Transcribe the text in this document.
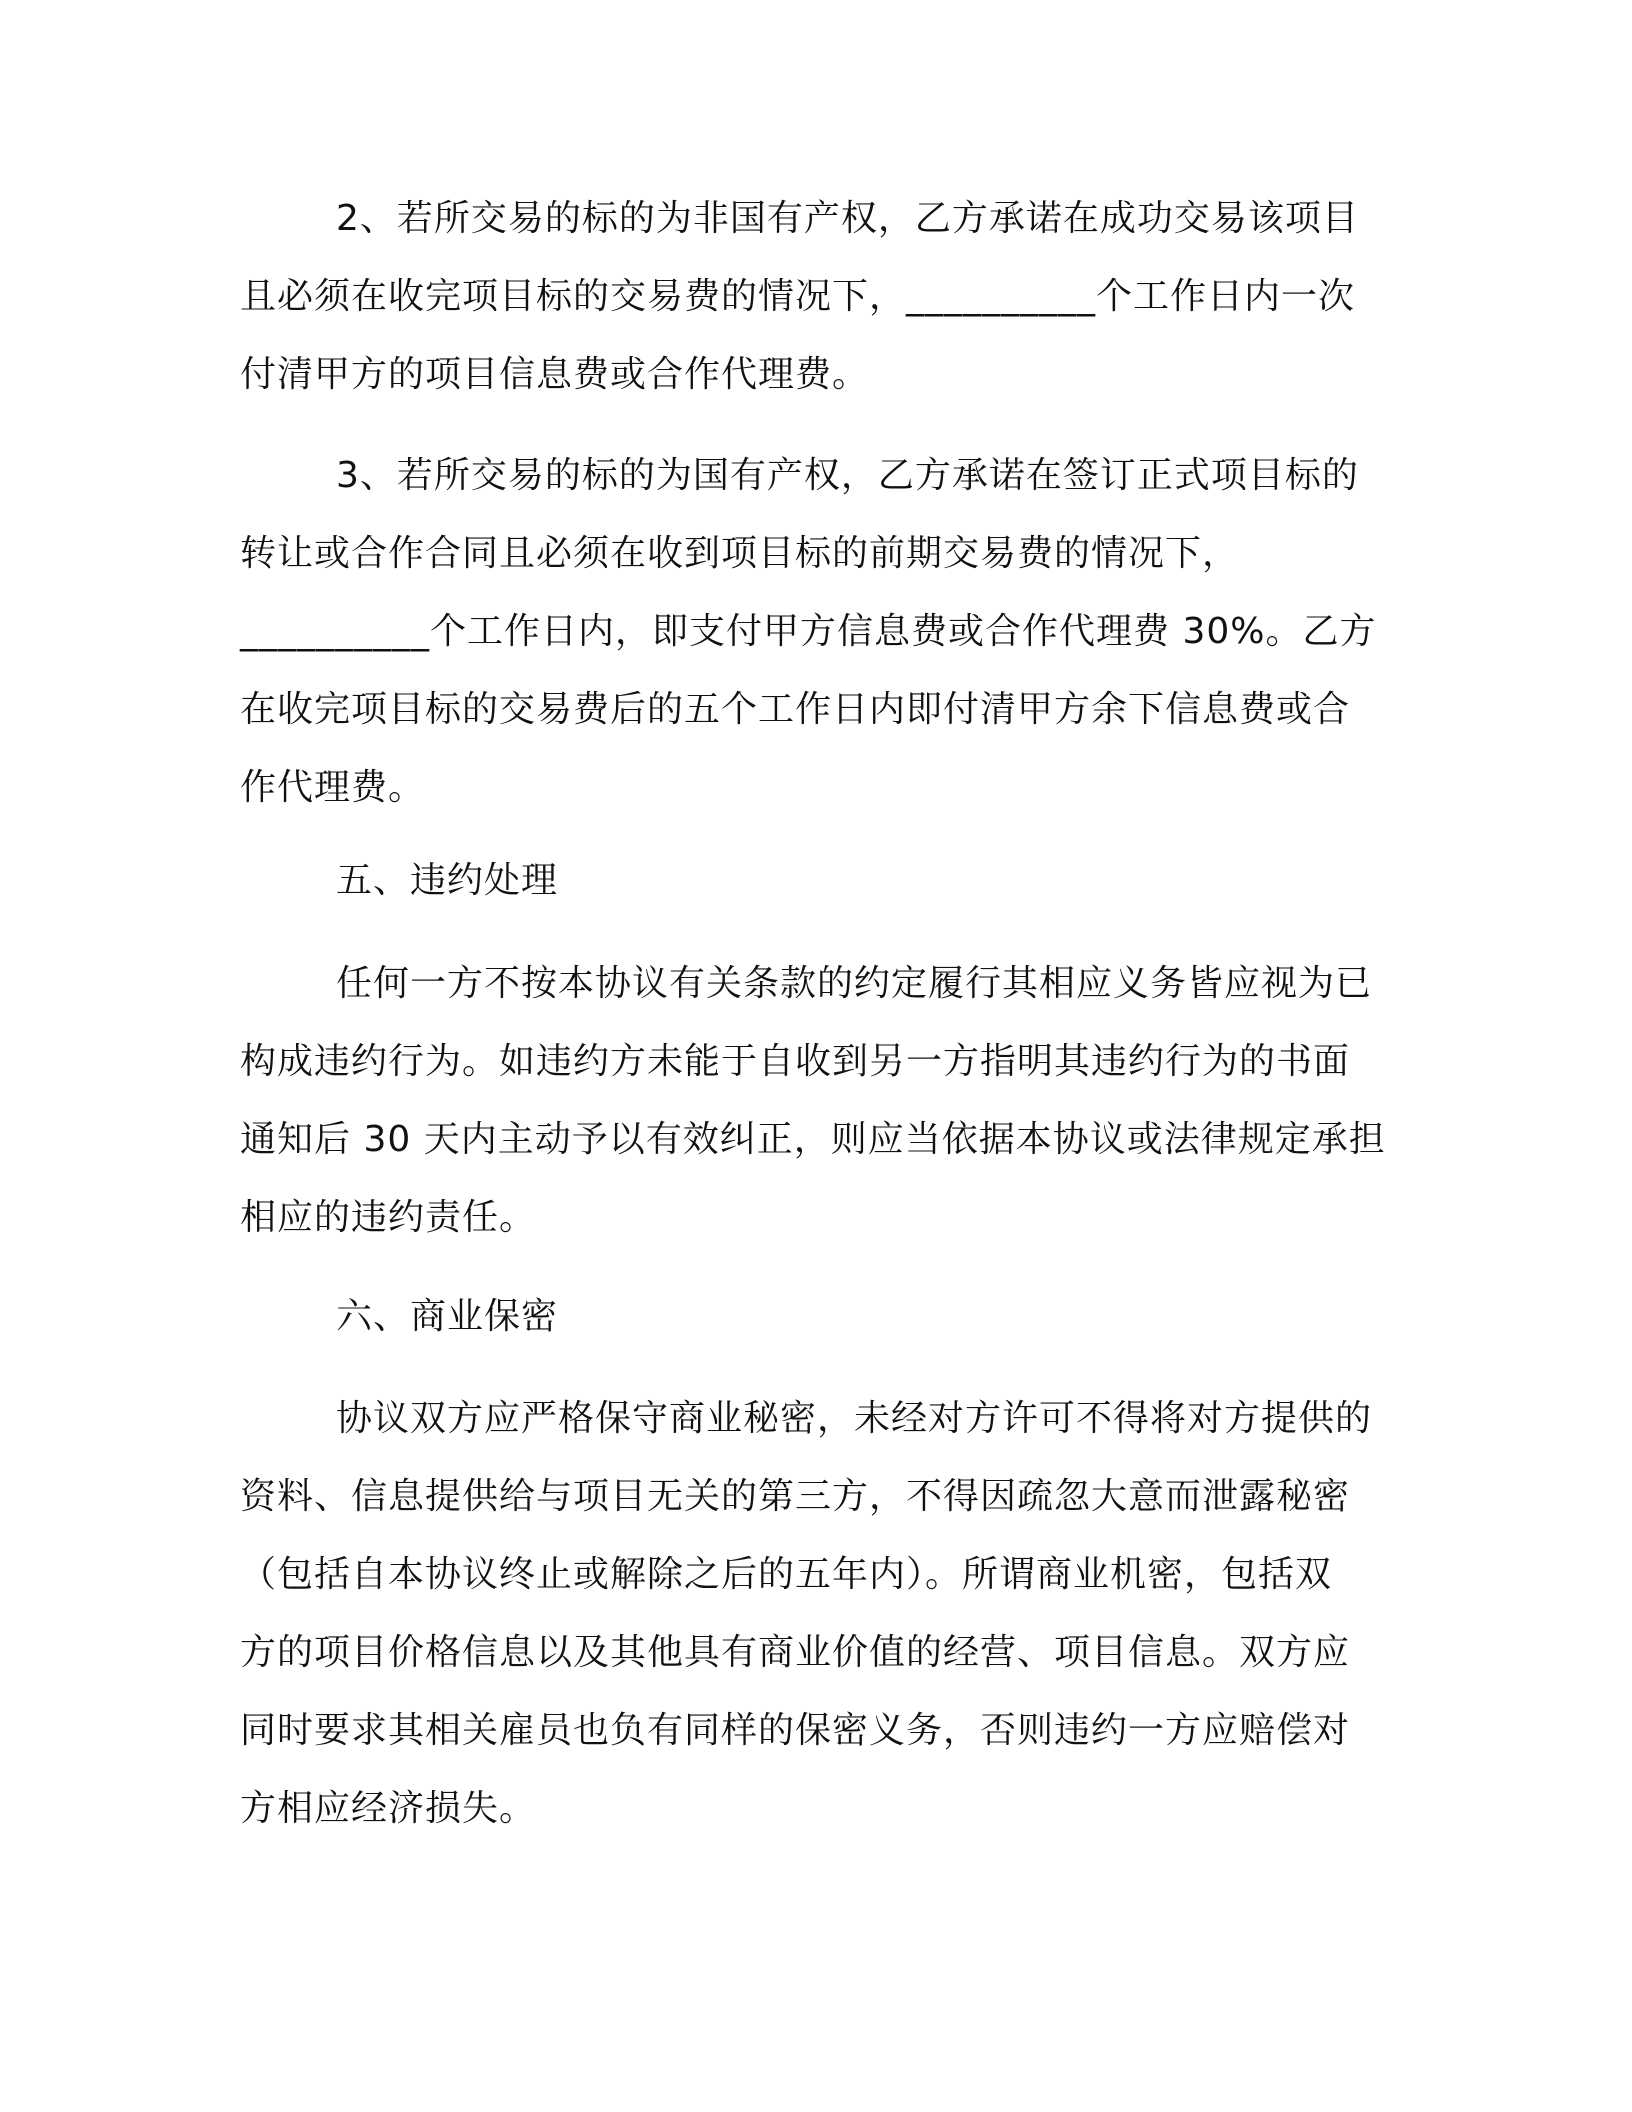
2、若所交易的标的为非国有产权，乙方承诺在成功交易该项目
且必须在收完项目标的交易费的情况下，__________个工作日内一次
付清甲方的项目信息费或合作代理费。
3、若所交易的标的为国有产权，乙方承诺在签订正式项目标的
转让或合作合同且必须在收到项目标的前期交易费的情况下，
__________个工作日内，即支付甲方信息费或合作代理费 30%。乙方
在收完项目标的交易费后的五个工作日内即付清甲方余下信息费或合
作代理费。
五、违约处理
任何一方不按本协议有关条款的约定履行其相应义务皆应视为已
构成违约行为。如违约方未能于自收到另一方指明其违约行为的书面
通知后 30 天内主动予以有效纠正，则应当依据本协议或法律规定承担
相应的违约责任。
六、商业保密
协议双方应严格保守商业秘密，未经对方许可不得将对方提供的
资料、信息提供给与项目无关的第三方，不得因疏忽大意而泄露秘密
（包括自本协议终止或解除之后的五年内）。所谓商业机密，包括双
方的项目价格信息以及其他具有商业价值的经营、项目信息。双方应
同时要求其相关雇员也负有同样的保密义务，否则违约一方应赔偿对
方相应经济损失。
